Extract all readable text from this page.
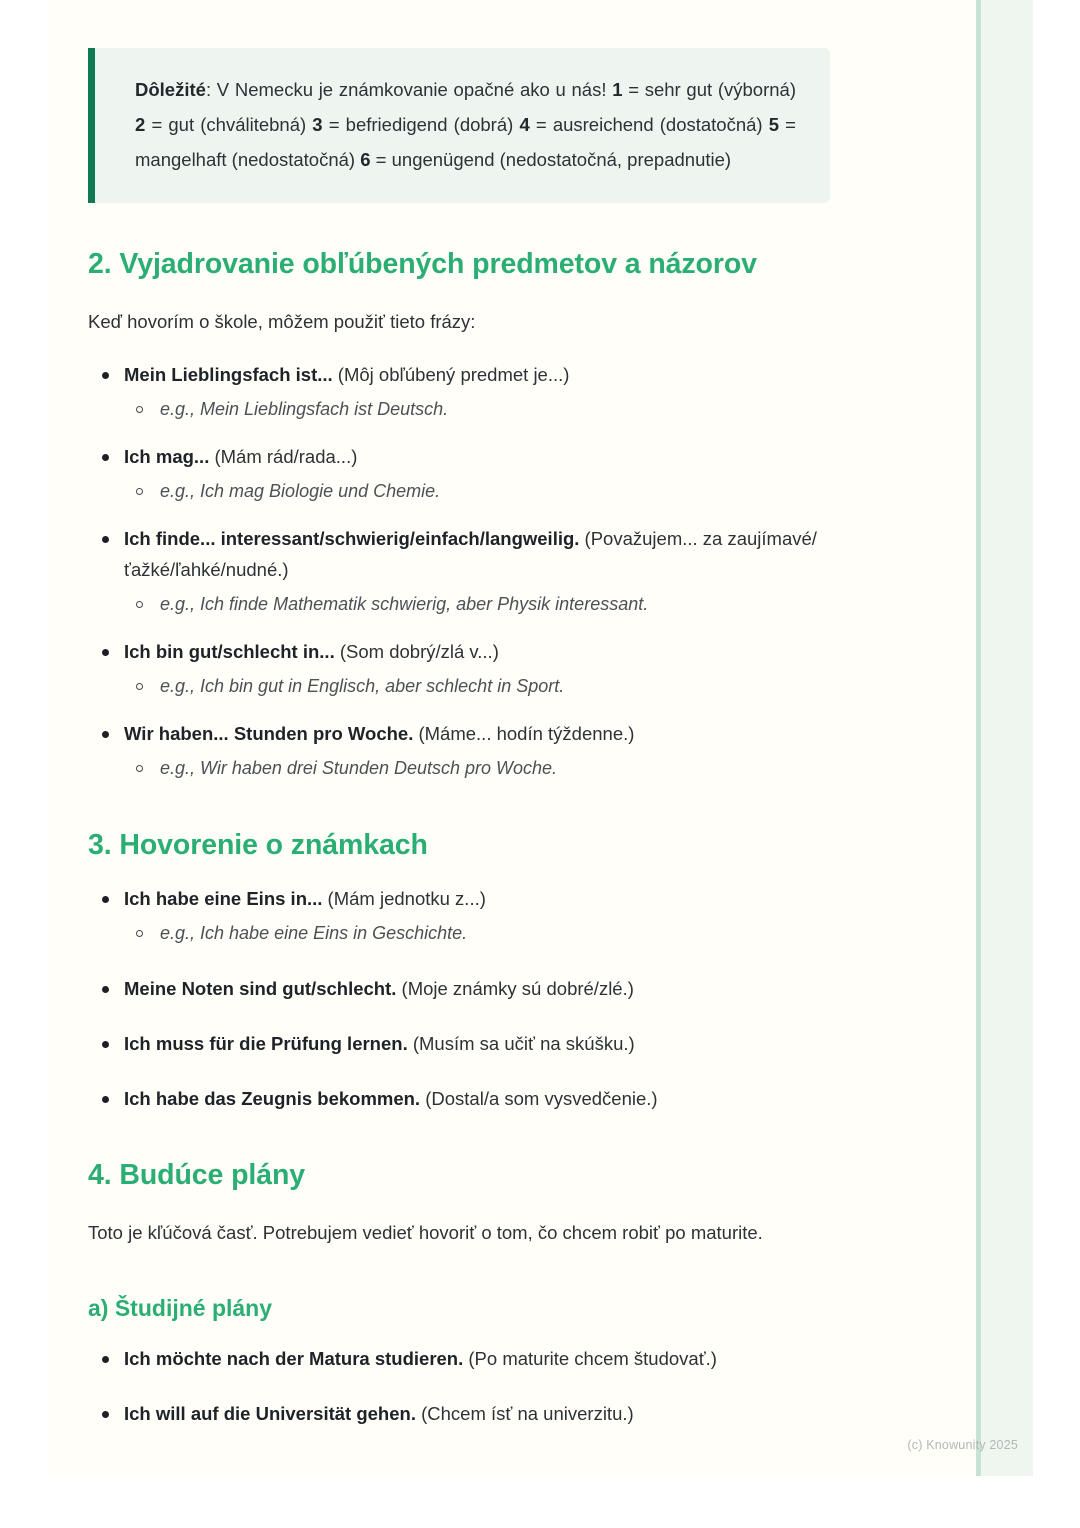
Dôležité: V Nemecku je známkovanie opačné ako u nás! 1 = sehr gut (výborná) 2 = gut (chválitebná) 3 = befriedigend (dobrá) 4 = ausreichend (dostatočná) 5 = mangelhaft (nedostatočná) 6 = ungenügend (nedostatočná, prepadnutie)

2. Vyjadrovanie obľúbených predmetov a názorov

Keď hovorím o škole, môžem použiť tieto frázy:

Mein Lieblingsfach ist... (Môj obľúbený predmet je...)
e.g., Mein Lieblingsfach ist Deutsch.
Ich mag... (Mám rád/rada...)
e.g., Ich mag Biologie und Chemie.
Ich finde... interessant/schwierig/einfach/langweilig. (Považujem... za zaujímavé/ťažké/ľahké/nudné.)
e.g., Ich finde Mathematik schwierig, aber Physik interessant.
Ich bin gut/schlecht in... (Som dobrý/zlá v...)
e.g., Ich bin gut in Englisch, aber schlecht in Sport.
Wir haben... Stunden pro Woche. (Máme... hodín týždenne.)
e.g., Wir haben drei Stunden Deutsch pro Woche.
3. Hovorenie o známkach
Ich habe eine Eins in... (Mám jednotku z...)
e.g., Ich habe eine Eins in Geschichte.
Meine Noten sind gut/schlecht. (Moje známky sú dobré/zlé.)
Ich muss für die Prüfung lernen. (Musím sa učiť na skúšku.)
Ich habe das Zeugnis bekommen. (Dostal/a som vysvedčenie.)
4. Budúce plány

Toto je kľúčová časť. Potrebujem vedieť hovoriť o tom, čo chcem robiť po maturite.

a) Študijné plány
Ich möchte nach der Matura studieren. (Po maturite chcem študovať.)
Ich will auf die Universität gehen. (Chcem ísť na univerzitu.)
(c) Knowunity 2025
